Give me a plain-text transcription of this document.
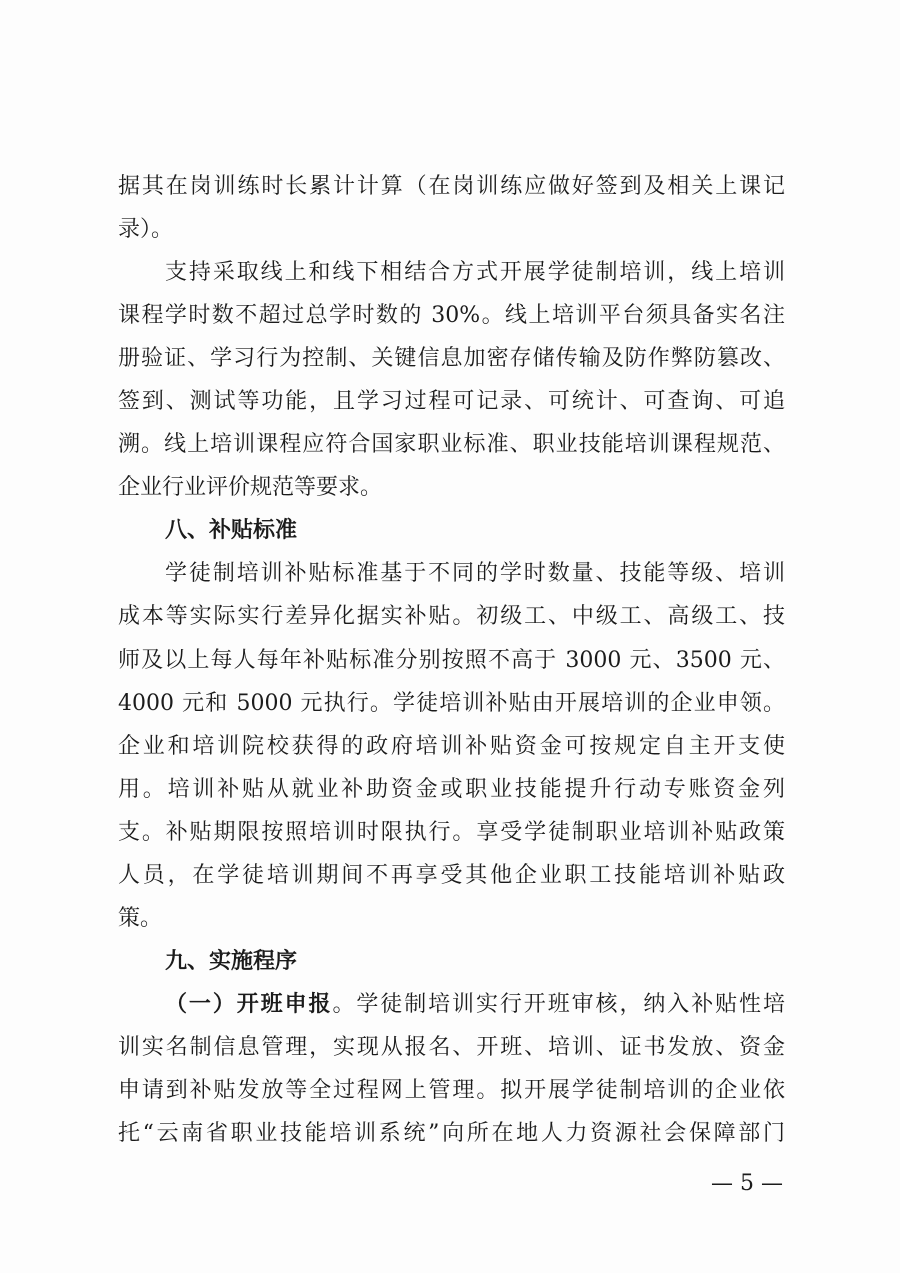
据其在岗训练时长累计计算（在岗训练应做好签到及相关上课记
录）。
支持采取线上和线下相结合方式开展学徒制培训，线上培训
课程学时数不超过总学时数的 30%。线上培训平台须具备实名注
册验证、学习行为控制、关键信息加密存储传输及防作弊防篡改、
签到、测试等功能，且学习过程可记录、可统计、可查询、可追
溯。线上培训课程应符合国家职业标准、职业技能培训课程规范、
企业行业评价规范等要求。
八、补贴标准
学徒制培训补贴标准基于不同的学时数量、技能等级、培训
成本等实际实行差异化据实补贴。初级工、中级工、高级工、技
师及以上每人每年补贴标准分别按照不高于 3000 元、3500 元、
4000 元和 5000 元执行。学徒培训补贴由开展培训的企业申领。
企业和培训院校获得的政府培训补贴资金可按规定自主开支使
用。培训补贴从就业补助资金或职业技能提升行动专账资金列
支。补贴期限按照培训时限执行。享受学徒制职业培训补贴政策
人员，在学徒培训期间不再享受其他企业职工技能培训补贴政
策。
九、实施程序
（一）开班申报。学徒制培训实行开班审核，纳入补贴性培
训实名制信息管理，实现从报名、开班、培训、证书发放、资金
申请到补贴发放等全过程网上管理。拟开展学徒制培训的企业依
托“云南省职业技能培训系统”向所在地人力资源社会保障部门
— 5 —
